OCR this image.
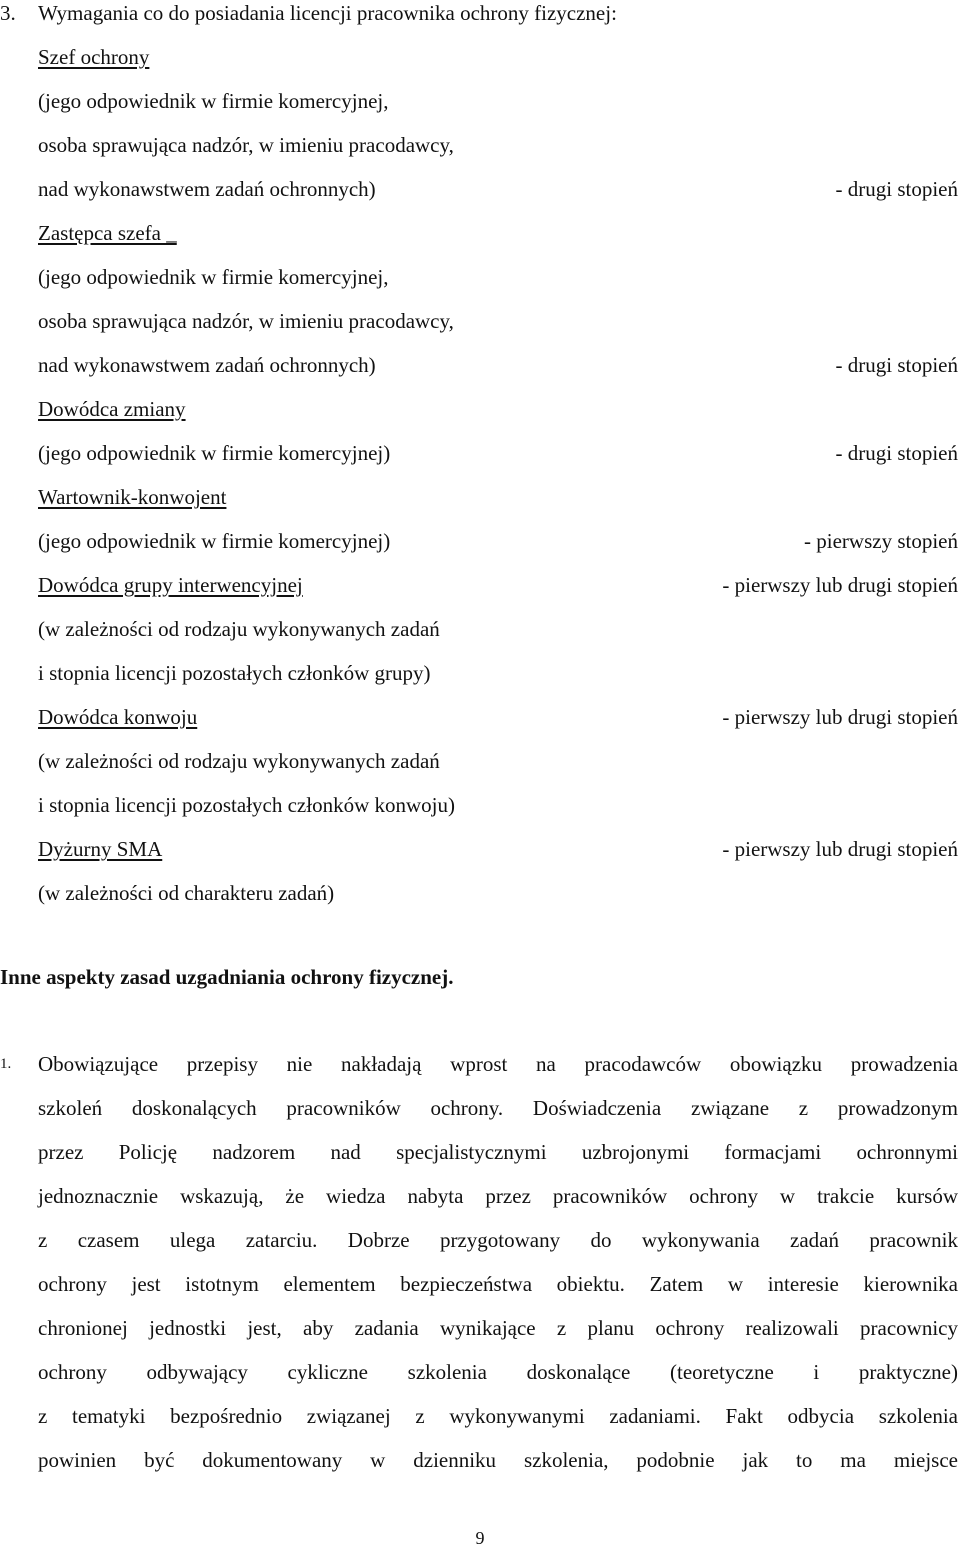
3. Wymagania co do posiadania licencji pracownika ochrony fizycznej:
Szef ochrony
(jego odpowiednik w firmie komercyjnej,
osoba sprawująca nadzór, w imieniu pracodawcy,
nad wykonawstwem zadań ochronnych)	- drugi stopień
Zastępca szefa _
(jego odpowiednik w firmie komercyjnej,
osoba sprawująca nadzór, w imieniu pracodawcy,
nad wykonawstwem zadań ochronnych)	- drugi stopień
Dowódca zmiany
(jego odpowiednik w firmie komercyjnej)	- drugi stopień
Wartownik-konwojent
(jego odpowiednik w firmie komercyjnej)	- pierwszy stopień
Dowódca grupy interwencyjnej	- pierwszy lub drugi stopień
(w zależności od rodzaju wykonywanych zadań
i stopnia licencji pozostałych członków grupy)
Dowódca konwoju	- pierwszy lub drugi stopień
(w zależności od rodzaju wykonywanych zadań
i stopnia licencji pozostałych członków konwoju)
Dyżurny SMA	- pierwszy lub drugi stopień
(w zależności od charakteru zadań)
Inne aspekty zasad uzgadniania ochrony fizycznej.
1. Obowiązujące przepisy nie nakładają wprost na pracodawców obowiązku prowadzenia
szkoleń doskonalących pracowników ochrony. Doświadczenia związane z prowadzonym
przez Policję nadzorem nad specjalistycznymi uzbrojonymi formacjami ochronnymi
jednoznacznie wskazują, że wiedza nabyta przez pracowników ochrony w trakcie kursów
z czasem ulega zatarciu. Dobrze przygotowany do wykonywania zadań pracownik
ochrony jest istotnym elementem bezpieczeństwa obiektu. Zatem w interesie kierownika
chronionej jednostki jest, aby zadania wynikające z planu ochrony realizowali pracownicy
ochrony odbywający cykliczne szkolenia doskonalące (teoretyczne i praktyczne)
z tematyki bezpośrednio związanej z wykonywanymi zadaniami. Fakt odbycia szkolenia
powinien być dokumentowany w dzienniku szkolenia, podobnie jak to ma miejsce
9
